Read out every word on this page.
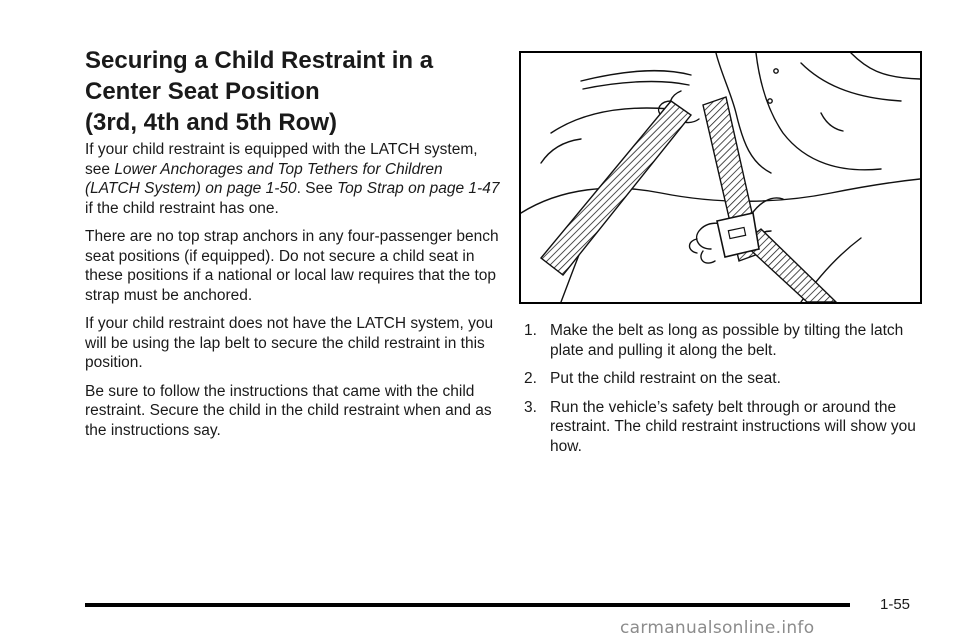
Securing a Child Restraint in a
Center Seat Position
(3rd, 4th and 5th Row)

If your child restraint is equipped with the LATCH system, see Lower Anchorages and Top Tethers for Children (LATCH System) on page 1-50. See Top Strap on page 1-47 if the child restraint has one.

There are no top strap anchors in any four-passenger bench seat positions (if equipped). Do not secure a child seat in these positions if a national or local law requires that the top strap must be anchored.

If your child restraint does not have the LATCH system, you will be using the lap belt to secure the child restraint in this position.

Be sure to follow the instructions that came with the child restraint. Secure the child in the child restraint when and as the instructions say.

1. Make the belt as long as possible by tilting the latch plate and pulling it along the belt.
2. Put the child restraint on the seat.
3. Run the vehicle’s safety belt through or around the restraint. The child restraint instructions will show you how.
1-55
carmanualsonline.info
